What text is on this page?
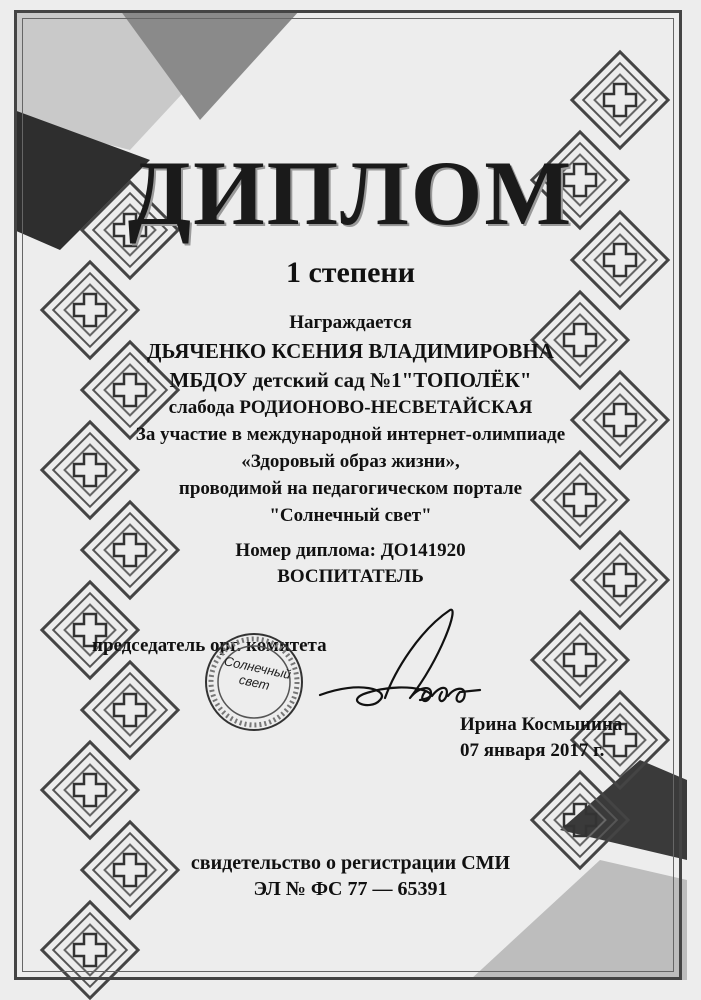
ДИПЛОМ
1 степени
Награждается
ДЬЯЧЕНКО КСЕНИЯ ВЛАДИМИРОВНА
МБДОУ детский сад №1"ТОПОЛЁК"
слабода РОДИОНОВО-НЕСВЕТАЙСКАЯ
За участие в международной интернет-олимпиаде
«Здоровый образ жизни»,
проводимой на педагогическом портале
"Солнечный свет"
Номер диплома: ДО141920
ВОСПИТАТЕЛЬ
председатель орг. комитета
Солнечный свет
Ирина Космынина
07 января 2017 г.
свидетельство о регистрации СМИ
ЭЛ № ФС 77 — 65391
